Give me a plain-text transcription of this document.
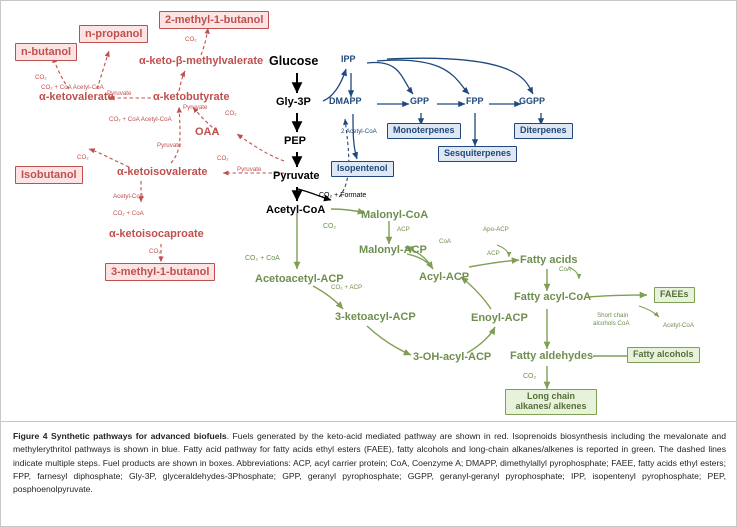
Glucose
Gly-3P
PEP
Pyruvate
Acetyl-CoA
CO₂ + Formate
n-butanol
n-propanol
2-methyl-1-butanol
Isobutanol
3-methyl-1-butanol
α-keto-β-methylvalerate
α-ketovalerate	α-ketobutyrate
OAA
α-ketoisovalerate
α-ketoisocaproate
CO₂
CO₂
CO₂ + CoA Acetyl-CoA
Pyruvate
CO₂ + CoA Acetyl-CoA
Pyruvate
CO₂
CO₂
Pyruvate
Acetyl-CoA
CO₂ + CoA
CO₂
CO₂
Pyruvate
IPP
DMAPP	GPP	FPP	GGPP
Monoterpenes	Diterpenes
Sesquiterpenes
Isopentenol
2 Acetyl-CoA
Malonyl-CoA
Malonyl-ACP
Acetoacetyl-ACP	Acyl-ACP
3-ketoacyl-ACP	Enoyl-ACP
3-OH-acyl-ACP
Fatty acids
Fatty acyl-CoA
Fatty aldehydes
FAEEs
Fatty alcohols
Long chain
alkanes/ alkenes
CO₂	ACP	Apo-ACP
CoA
CO₂ + CoA
CO₂ + ACP
ACP
CoA
Short chain
alcohols CoA	Acetyl-CoA
CO₂
Figure 4 Synthetic pathways for advanced biofuels. Fuels generated by the keto-acid mediated pathway are shown in red. Isoprenoids biosynthesis including the mevalonate and methylerythritol pathways is shown in blue. Fatty acid pathway for fatty acids ethyl esters (FAEE), fatty alcohols and long-chain alkanes/alkenes is reported in green. The dashed lines indicate multiple steps. Fuel products are shown in boxes. Abbreviations: ACP, acyl carrier protein; CoA, Coenzyme A; DMAPP, dimethylallyl pyrophosphate; FAEE, fatty acids ethyl esters; FPP, farnesyl diphosphate; Gly-3P, glyceraldehydes-3Phosphate; GPP, geranyl pyrophosphate; GGPP, geranyl-geranyl pyrophosphate; IPP, isopentenyl pyrophosphate; PEP, posphoenolpyruvate.
